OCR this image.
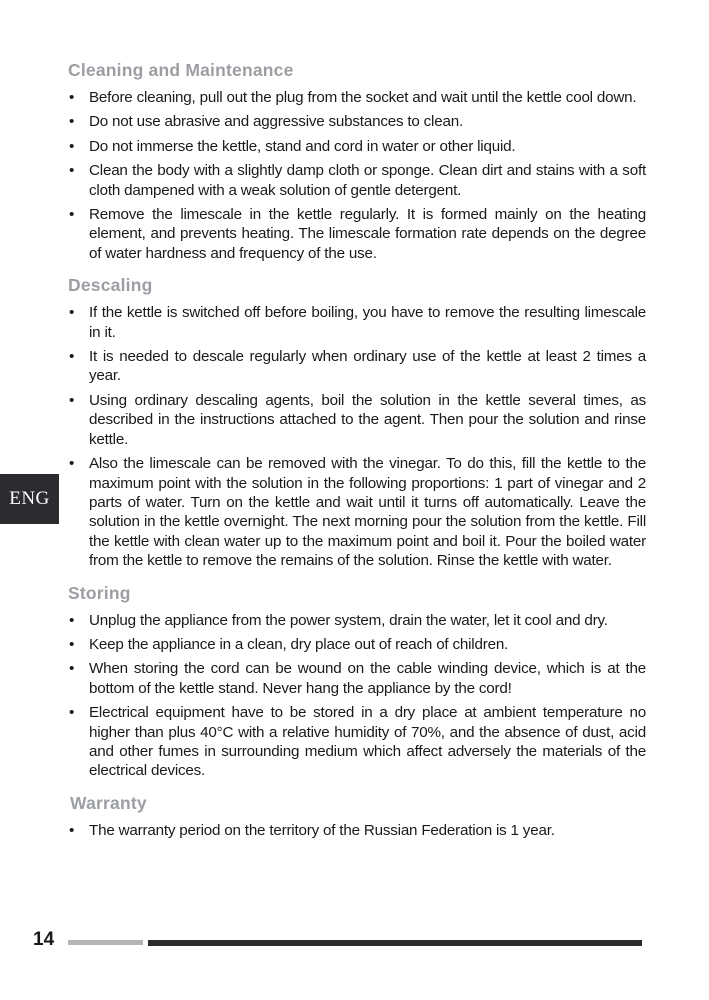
Cleaning and Maintenance
• Before cleaning, pull out the plug from the socket and wait until the kettle cool down.
• Do not use abrasive and aggressive substances to clean.
• Do not immerse the kettle, stand and cord in water or other liquid.
• Clean the body with a slightly damp cloth or sponge. Clean dirt and stains with a soft cloth dampened with a weak solution of gentle detergent.
• Remove the limescale in the kettle regularly. It is formed mainly on the heating element, and prevents heating. The limescale formation rate depends on the degree of water hardness and frequency of the use.
Descaling
• If the kettle is switched off before boiling, you have to remove the resulting limescale in it.
• It is needed to descale regularly when ordinary use of the kettle at least 2 times a year.
• Using ordinary descaling agents, boil the solution in the kettle several times, as described in the instructions attached to the agent. Then pour the solution and rinse kettle.
• Also the limescale can be removed with the vinegar. To do this, fill the kettle to the maximum point with the solution in the following proportions: 1 part of vinegar and 2 parts of water. Turn on the kettle and wait until it turns off automatically. Leave the solution in the kettle overnight. The next morning pour the solution from the kettle. Fill the kettle with clean water up to the maximum point and boil it. Pour the boiled water from the kettle to remove the remains of the solution. Rinse the kettle with water.
Storing
• Unplug the appliance from the power system, drain the water, let it cool and dry.
• Keep the appliance in a clean, dry place out of reach of children.
• When storing the cord can be wound on the cable winding device, which is at the bottom of the kettle stand. Never hang the appliance by the cord!
• Electrical equipment have to be stored in a dry place at ambient temperature no higher than plus 40°C with a relative humidity of 70%, and the absence of dust, acid and other fumes in surrounding medium which affect adversely the materials of the electrical devices.
Warranty
• The warranty period on the territory of the Russian Federation is 1 year.
ENG
14
